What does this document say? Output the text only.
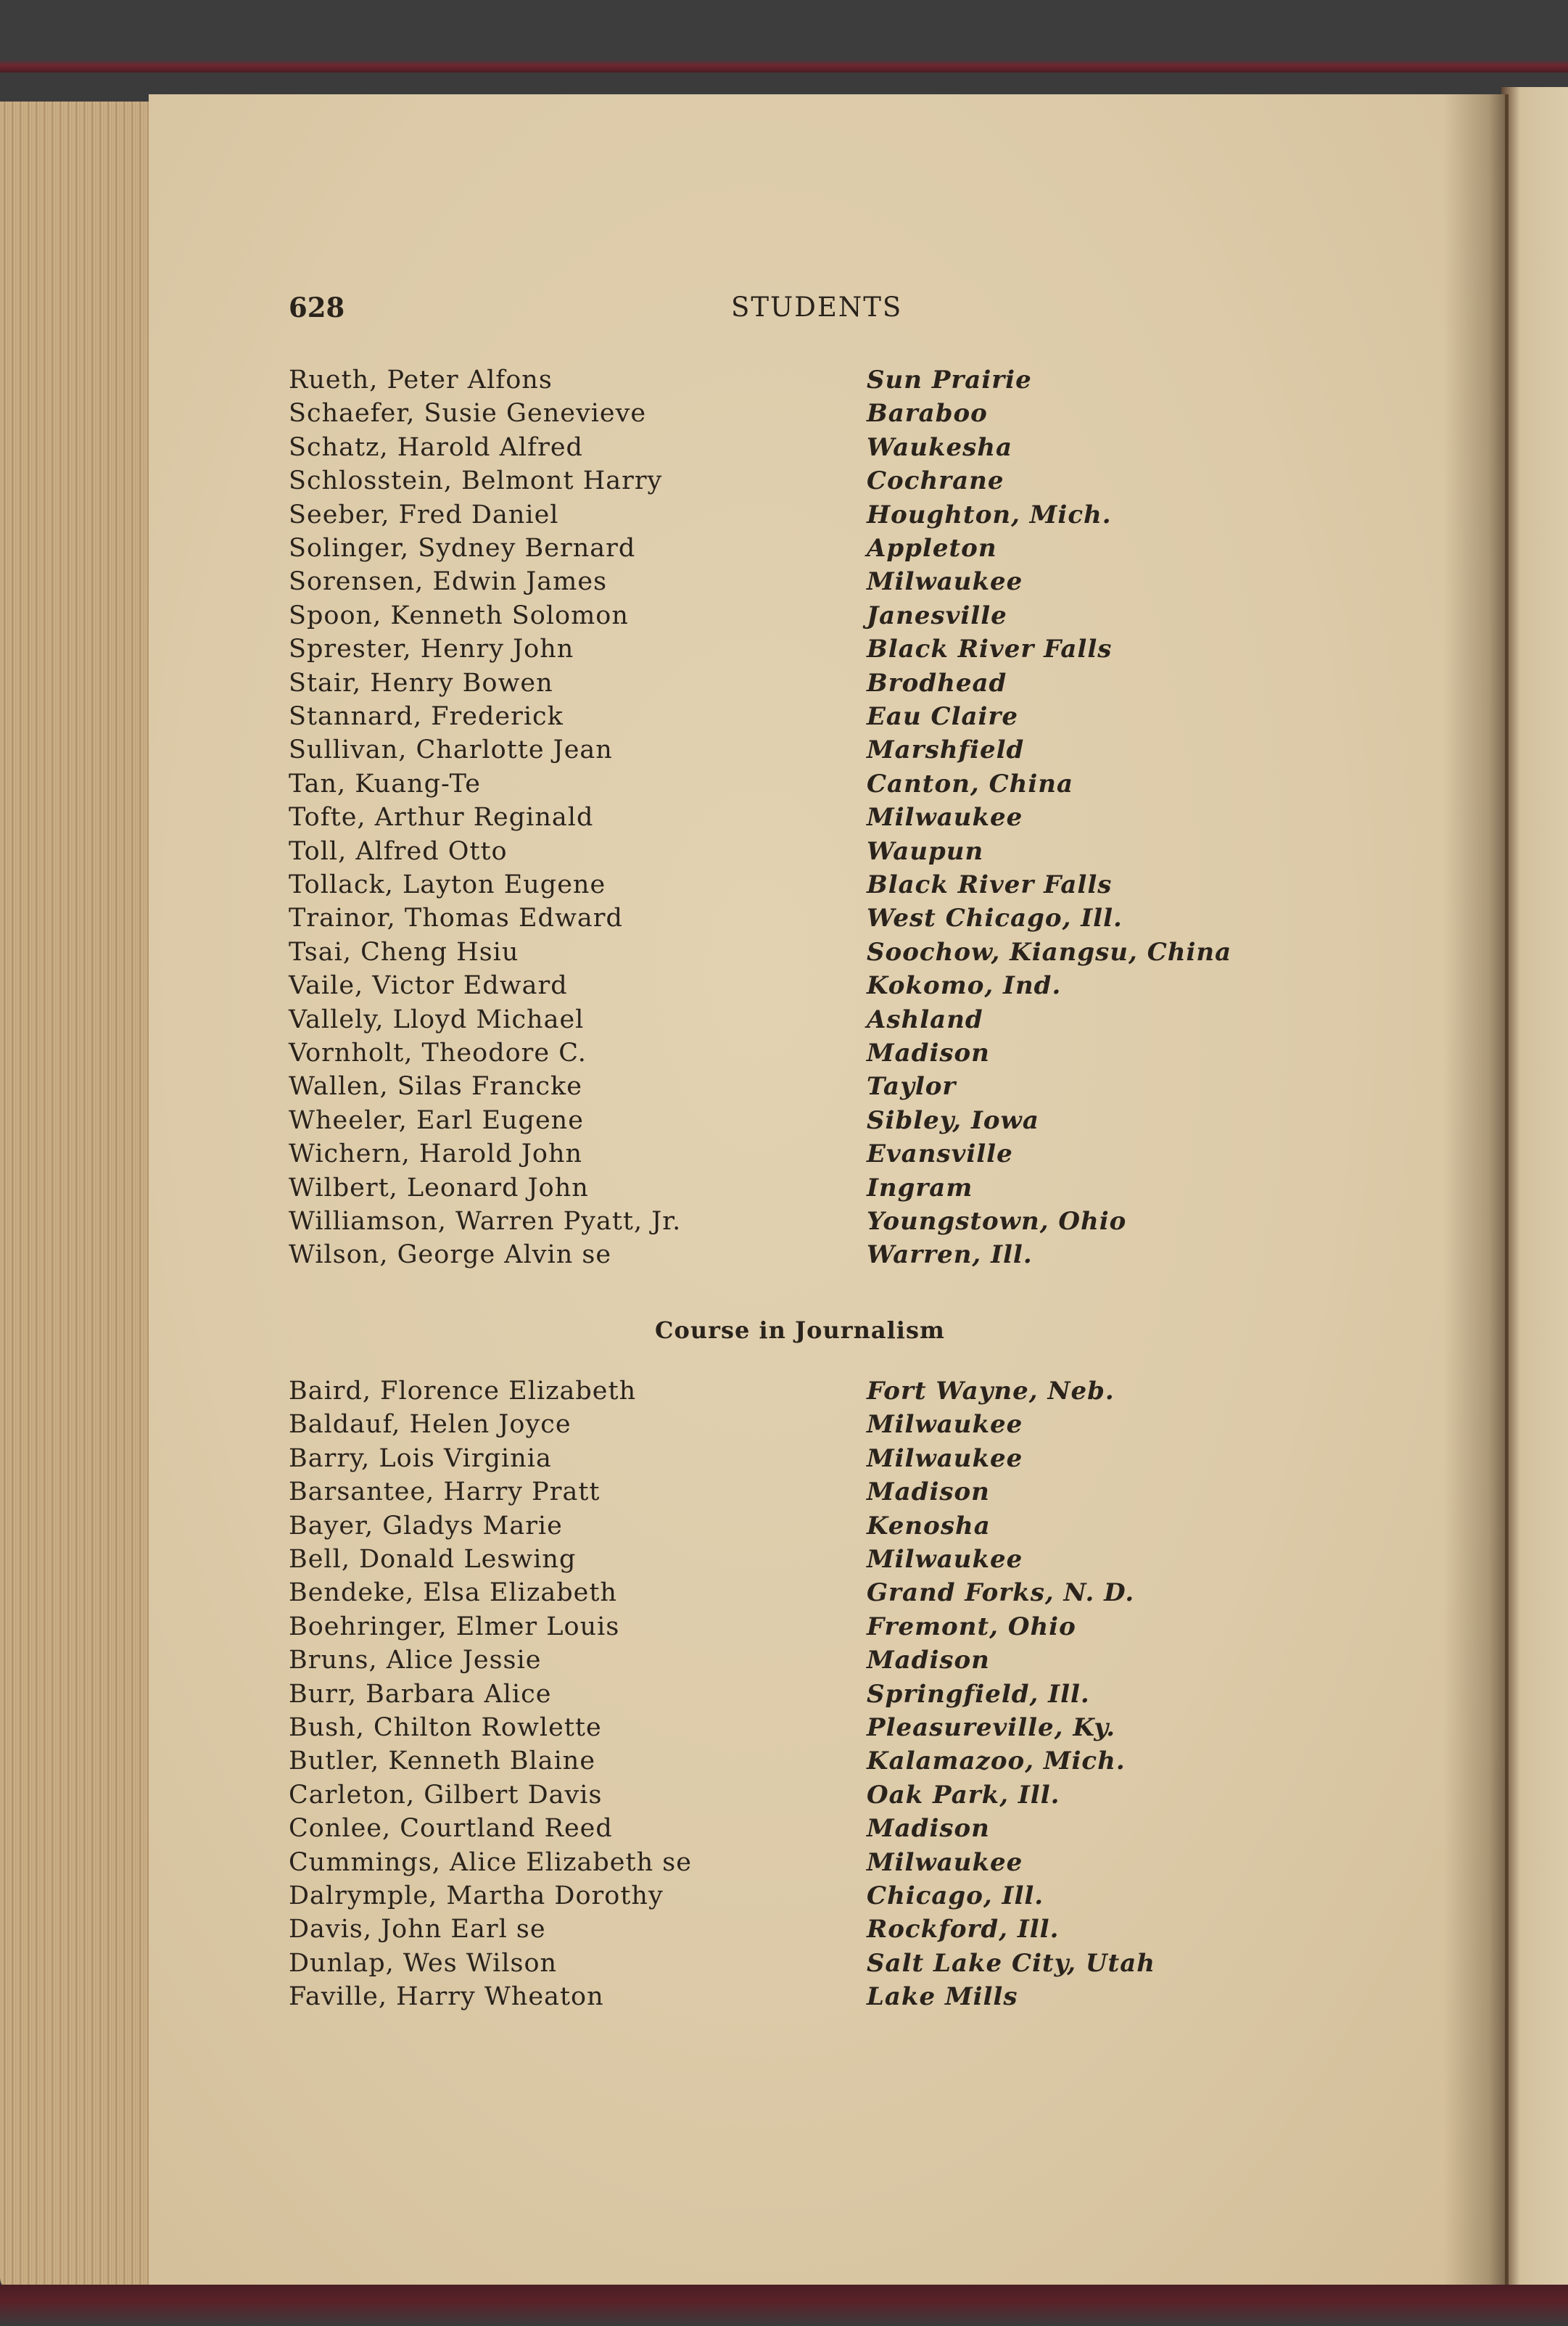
628	STUDENTS
Rueth, Peter Alfons	Sun Prairie
Schaefer, Susie Genevieve	Baraboo
Schatz, Harold Alfred	Waukesha
Schlosstein, Belmont Harry	Cochrane
Seeber, Fred Daniel	Houghton, Mich.
Solinger, Sydney Bernard	Appleton
Sorensen, Edwin James	Milwaukee
Spoon, Kenneth Solomon	Janesville
Sprester, Henry John	Black River Falls
Stair, Henry Bowen	Brodhead
Stannard, Frederick	Eau Claire
Sullivan, Charlotte Jean	Marshfield
Tan, Kuang-Te	Canton, China
Tofte, Arthur Reginald	Milwaukee
Toll, Alfred Otto	Waupun
Tollack, Layton Eugene	Black River Falls
Trainor, Thomas Edward	West Chicago, Ill.
Tsai, Cheng Hsiu	Soochow, Kiangsu, China
Vaile, Victor Edward	Kokomo, Ind.
Vallely, Lloyd Michael	Ashland
Vornholt, Theodore C.	Madison
Wallen, Silas Francke	Taylor
Wheeler, Earl Eugene	Sibley, Iowa
Wichern, Harold John	Evansville
Wilbert, Leonard John	Ingram
Williamson, Warren Pyatt, Jr.	Youngstown, Ohio
Wilson, George Alvin se	Warren, Ill.
Course in Journalism
Baird, Florence Elizabeth	Fort Wayne, Neb.
Baldauf, Helen Joyce	Milwaukee
Barry, Lois Virginia	Milwaukee
Barsantee, Harry Pratt	Madison
Bayer, Gladys Marie	Kenosha
Bell, Donald Leswing	Milwaukee
Bendeke, Elsa Elizabeth	Grand Forks, N. D.
Boehringer, Elmer Louis	Fremont, Ohio
Bruns, Alice Jessie	Madison
Burr, Barbara Alice	Springfield, Ill.
Bush, Chilton Rowlette	Pleasureville, Ky.
Butler, Kenneth Blaine	Kalamazoo, Mich.
Carleton, Gilbert Davis	Oak Park, Ill.
Conlee, Courtland Reed	Madison
Cummings, Alice Elizabeth se	Milwaukee
Dalrymple, Martha Dorothy	Chicago, Ill.
Davis, John Earl se	Rockford, Ill.
Dunlap, Wes Wilson	Salt Lake City, Utah
Faville, Harry Wheaton	Lake Mills
